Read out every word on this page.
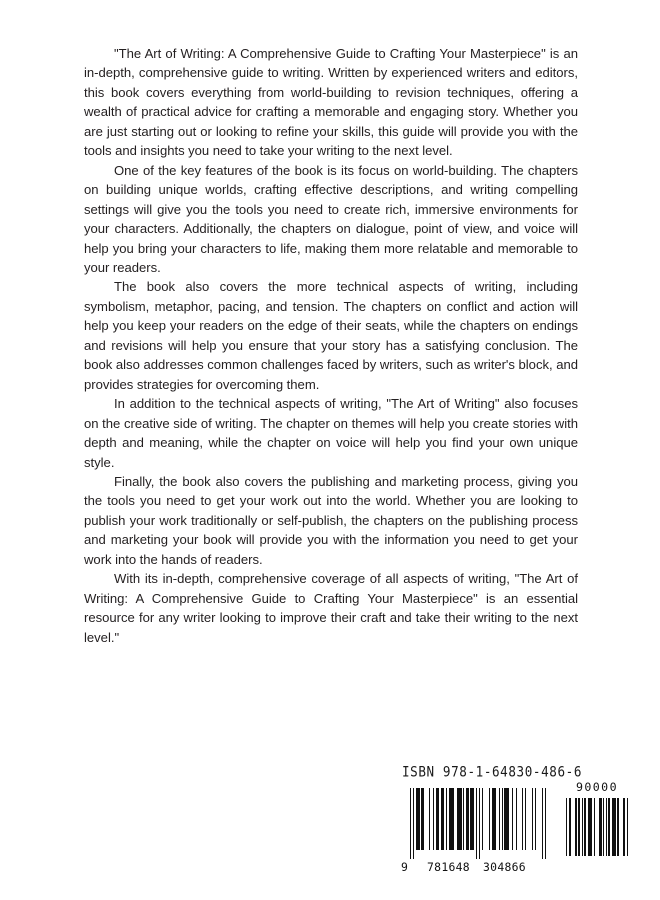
"The Art of Writing: A Comprehensive Guide to Crafting Your Masterpiece" is an in-depth, comprehensive guide to writing. Written by experienced writers and editors, this book covers everything from world-building to revision techniques, offering a wealth of practical advice for crafting a memorable and engaging story. Whether you are just starting out or looking to refine your skills, this guide will provide you with the tools and insights you need to take your writing to the next level.

One of the key features of the book is its focus on world-building. The chapters on building unique worlds, crafting effective descriptions, and writing compelling settings will give you the tools you need to create rich, immersive environments for your characters. Additionally, the chapters on dialogue, point of view, and voice will help you bring your characters to life, making them more relatable and memorable to your readers.

The book also covers the more technical aspects of writing, including symbolism, metaphor, pacing, and tension. The chapters on conflict and action will help you keep your readers on the edge of their seats, while the chapters on endings and revisions will help you ensure that your story has a satisfying conclusion. The book also addresses common challenges faced by writers, such as writer's block, and provides strategies for overcoming them.

In addition to the technical aspects of writing, "The Art of Writing" also focuses on the creative side of writing. The chapter on themes will help you create stories with depth and meaning, while the chapter on voice will help you find your own unique style.

Finally, the book also covers the publishing and marketing process, giving you the tools you need to get your work out into the world. Whether you are looking to publish your work traditionally or self-publish, the chapters on the publishing process and marketing your book will provide you with the information you need to get your work into the hands of readers.

With its in-depth, comprehensive coverage of all aspects of writing, "The Art of Writing: A Comprehensive Guide to Crafting Your Masterpiece" is an essential resource for any writer looking to improve their craft and take their writing to the next level."

ISBN 978-1-64830-486-6
9 781648 304866
90000
